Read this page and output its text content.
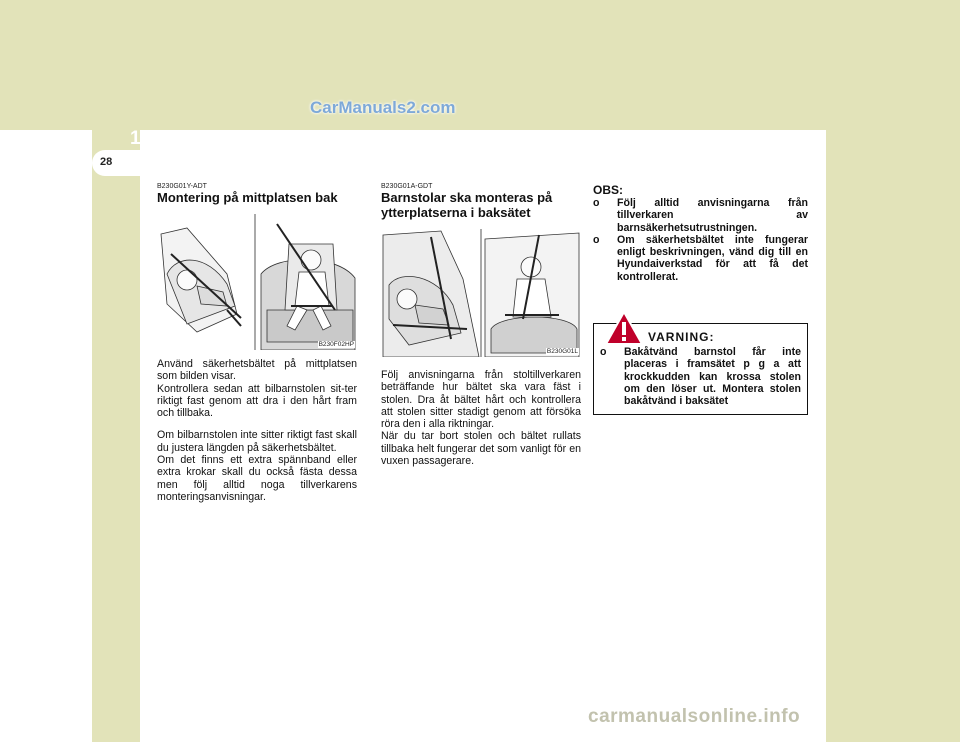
CarManuals2.com
1 BESKRIVNING AV BILENS FUNKTIONER
28
B230G01Y-ADT
Montering på mittplatsen bak
B230F02HP
Använd säkerhetsbältet på mittplatsen som bilden visar.
Kontrollera sedan att bilbarnstolen sit-ter riktigt fast genom att dra i den hårt fram och tillbaka.
Om bilbarnstolen inte sitter riktigt fast skall du justera längden på säkerhetsbältet.
Om det finns ett extra spännband eller extra krokar skall du också fästa dessa men följ alltid noga tillverkarens monteringsanvisningar.
B230G01A-GDT
Barnstolar ska monteras på ytterplatserna i baksätet
B230G01L
Följ anvisningarna från stoltillverkaren beträffande hur bältet ska vara fäst i stolen. Dra åt bältet hårt och kontrollera att stolen sitter stadigt genom att försöka röra den i alla riktningar.
När du tar bort stolen och bältet rullats tillbaka helt fungerar det som vanligt för en vuxen passagerare.
OBS:
o Följ alltid anvisningarna från tillverkaren av barnsäkerhetsutrustningen.
o Om säkerhetsbältet inte fungerar enligt beskrivningen, vänd dig till en Hyundaiverkstad för att få det kontrollerat.
VARNING:
o Bakåtvänd barnstol får inte placeras i framsätet p g a att krockkudden kan krossa stolen om den löser ut. Montera stolen bakåtvänd i baksätet
carmanualsonline.info
